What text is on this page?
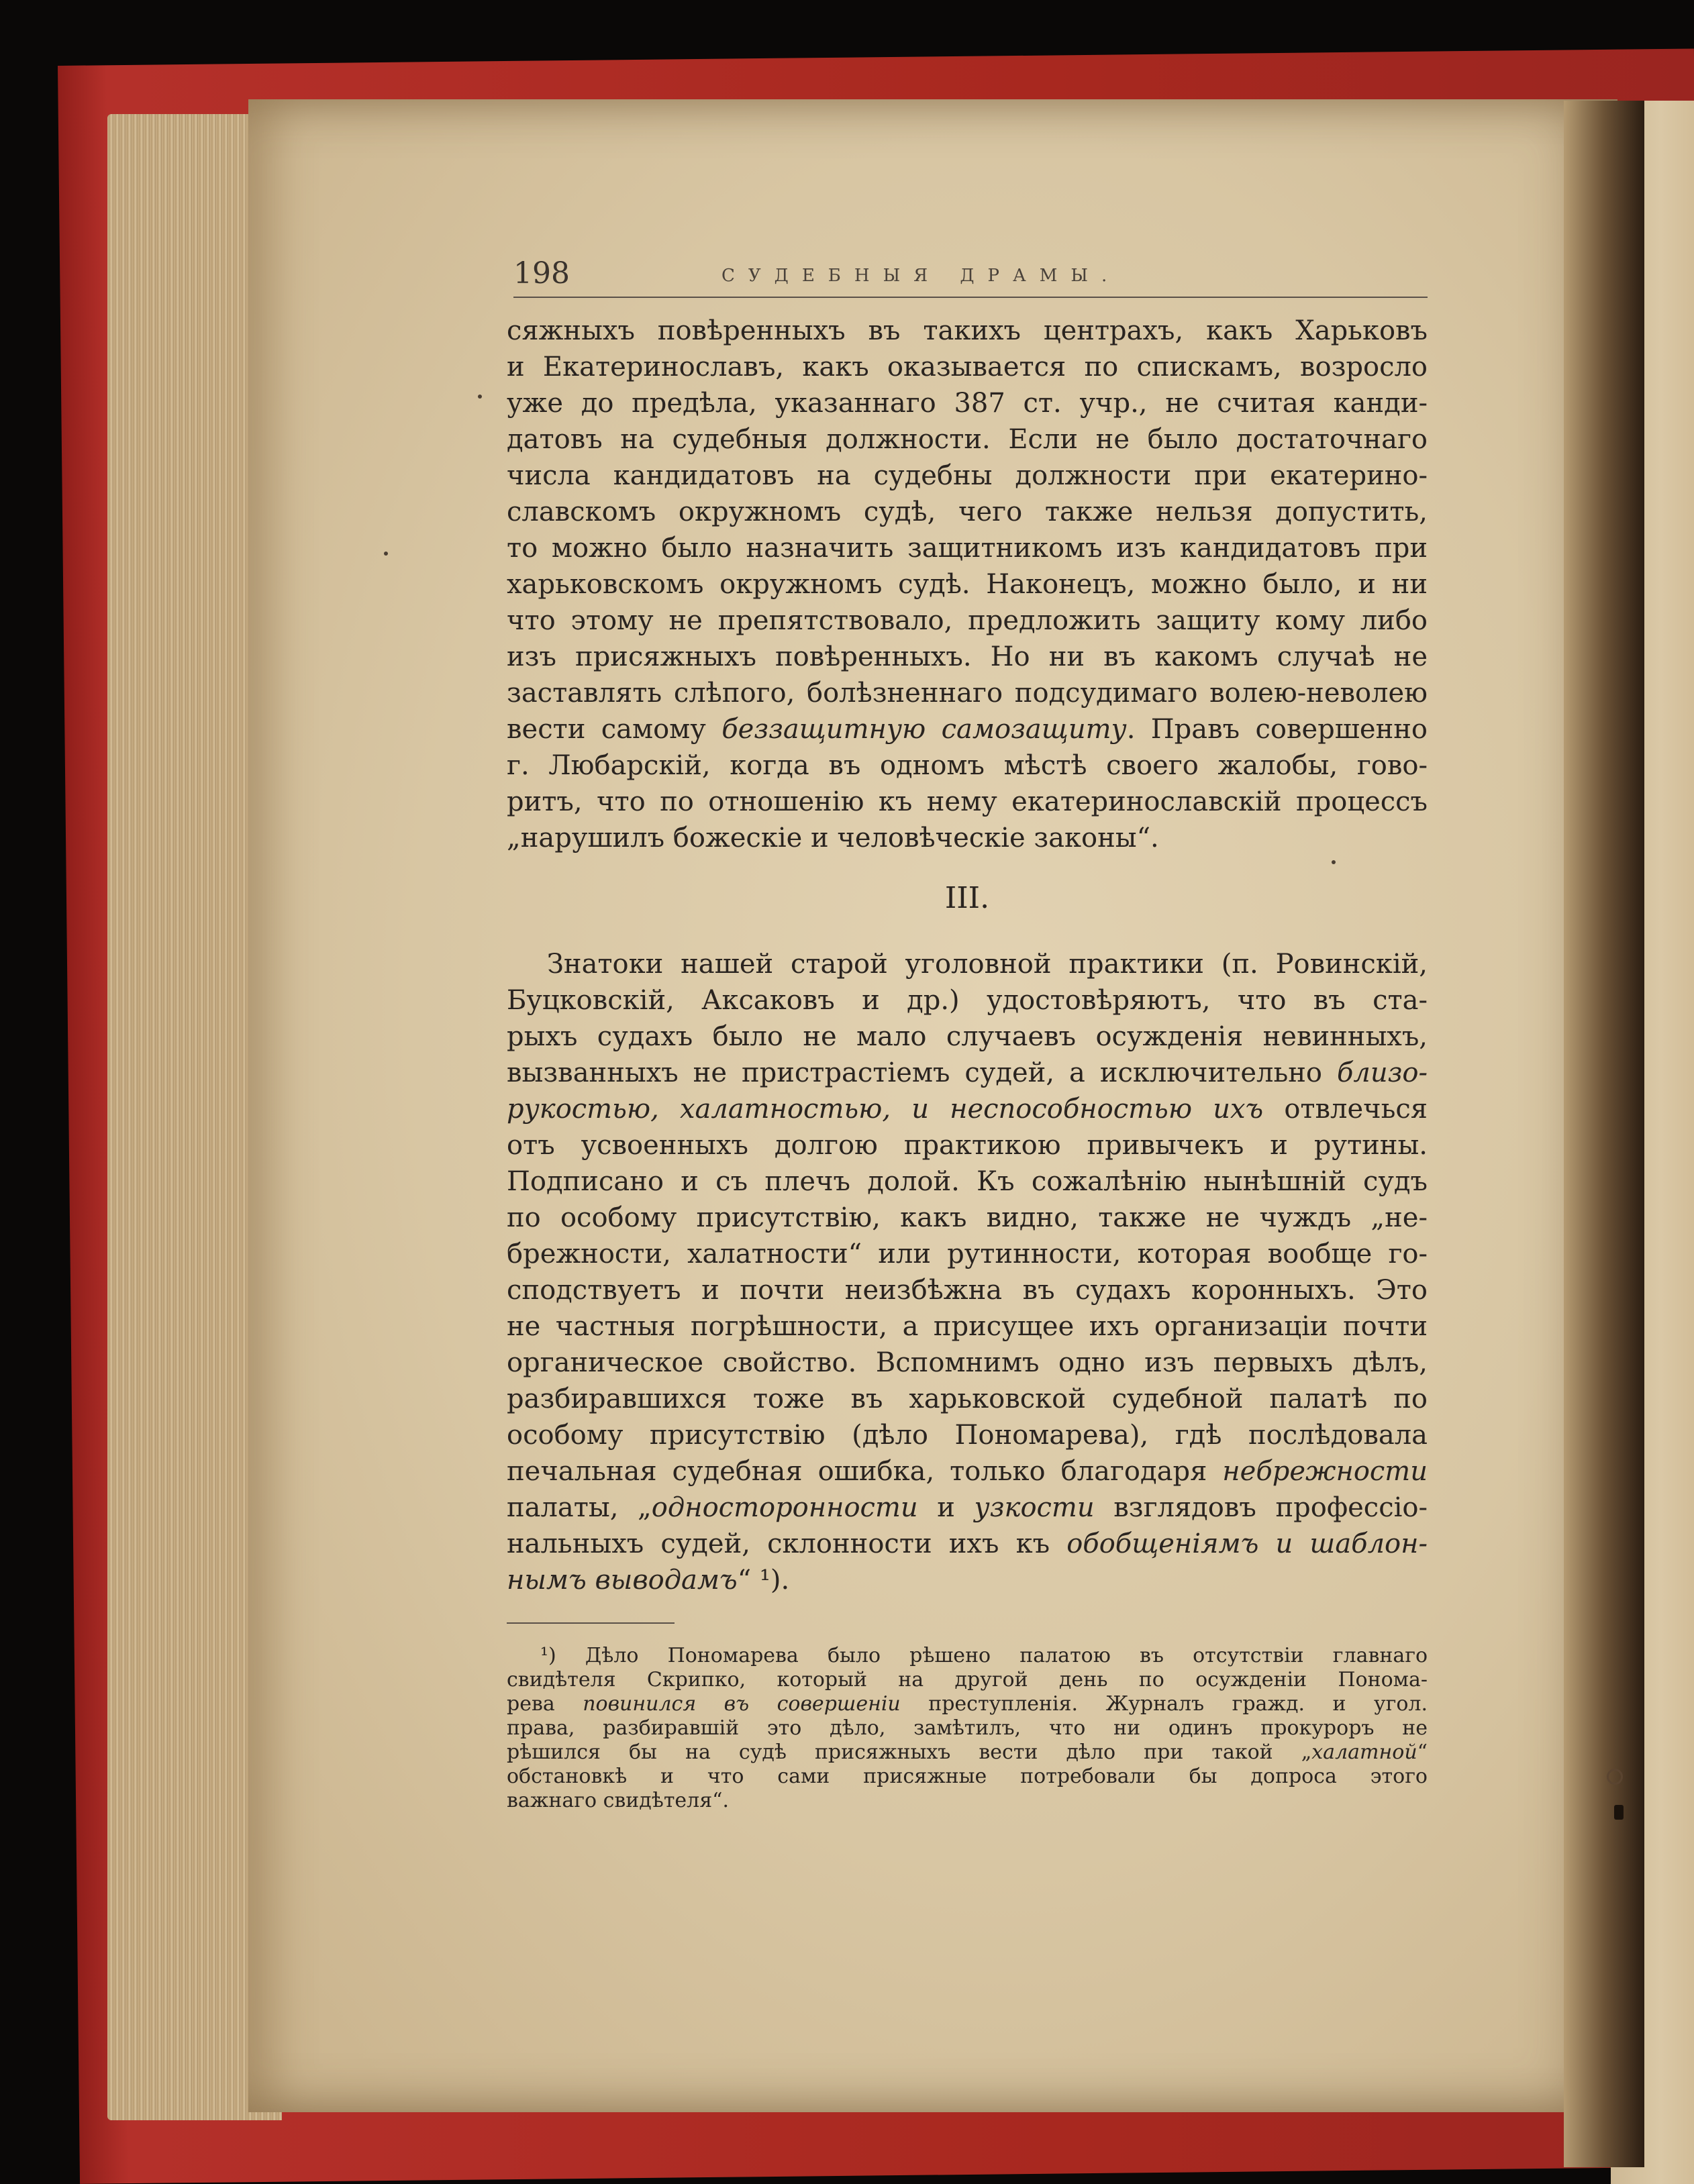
198	СУДЕБНЫЯ ДРАМЫ.
сяжныхъ повѣренныхъ въ такихъ центрахъ, какъ Харьковъ
и Екатеринославъ, какъ оказывается по спискамъ, возросло
уже до предѣла, указаннаго 387 ст. учр., не считая канди-
датовъ на судебныя должности. Если не было достаточнаго
числа кандидатовъ на судебны должности при екатерино-
славскомъ окружномъ судѣ, чего также нельзя допустить,
то можно было назначить защитникомъ изъ кандидатовъ при
харьковскомъ окружномъ судѣ. Наконецъ, можно было, и ни
что этому не препятствовало, предложить защиту кому либо
изъ присяжныхъ повѣренныхъ. Но ни въ какомъ случаѣ не
заставлять слѣпого, болѣзненнаго подсудимаго волею-неволею
вести самому беззащитную самозащиту. Правъ совершенно
г. Любарскій, когда въ одномъ мѣстѣ своего жалобы, гово-
ритъ, что по отношенію къ нему екатеринославскій процессъ
„нарушилъ божескіе и человѣческіе законы“.
III.
Знатоки нашей старой уголовной практики (п. Ровинскій,
Буцковскій, Аксаковъ и др.) удостовѣряютъ, что въ ста-
рыхъ судахъ было не мало случаевъ осужденія невинныхъ,
вызванныхъ не пристрастіемъ судей, а исключительно близо-
рукостью, халатностью, и неспособностью ихъ отвлечься
отъ усвоенныхъ долгою практикою привычекъ и рутины.
Подписано и съ плечъ долой. Къ сожалѣнію нынѣшній судъ
по особому присутствію, какъ видно, также не чуждъ „не-
брежности, халатности“ или рутинности, которая вообще го-
сподствуетъ и почти неизбѣжна въ судахъ коронныхъ. Это
не частныя погрѣшности, а присущее ихъ организаціи почти
органическое свойство. Вспомнимъ одно изъ первыхъ дѣлъ,
разбиравшихся тоже въ харьковской судебной палатѣ по
особому присутствію (дѣло Пономарева), гдѣ послѣдовала
печальная судебная ошибка, только благодаря небрежности
палаты, „односторонности и узкости взглядовъ профессіо-
нальныхъ судей, склонности ихъ къ обобщеніямъ и шаблон-
нымъ выводамъ“ ¹).
¹) Дѣло Пономарева было рѣшено палатою въ отсутствіи главнаго
свидѣтеля Скрипко, который на другой день по осужденіи Понома-
рева повинился въ совершеніи преступленія. Журналъ гражд. и угол.
права, разбиравшій это дѣло, замѣтилъ, что ни одинъ прокуроръ не
рѣшился бы на судѣ присяжныхъ вести дѣло при такой „халатной“
обстановкѣ и что сами присяжные потребовали бы допроса этого
важнаго свидѣтеля“.
